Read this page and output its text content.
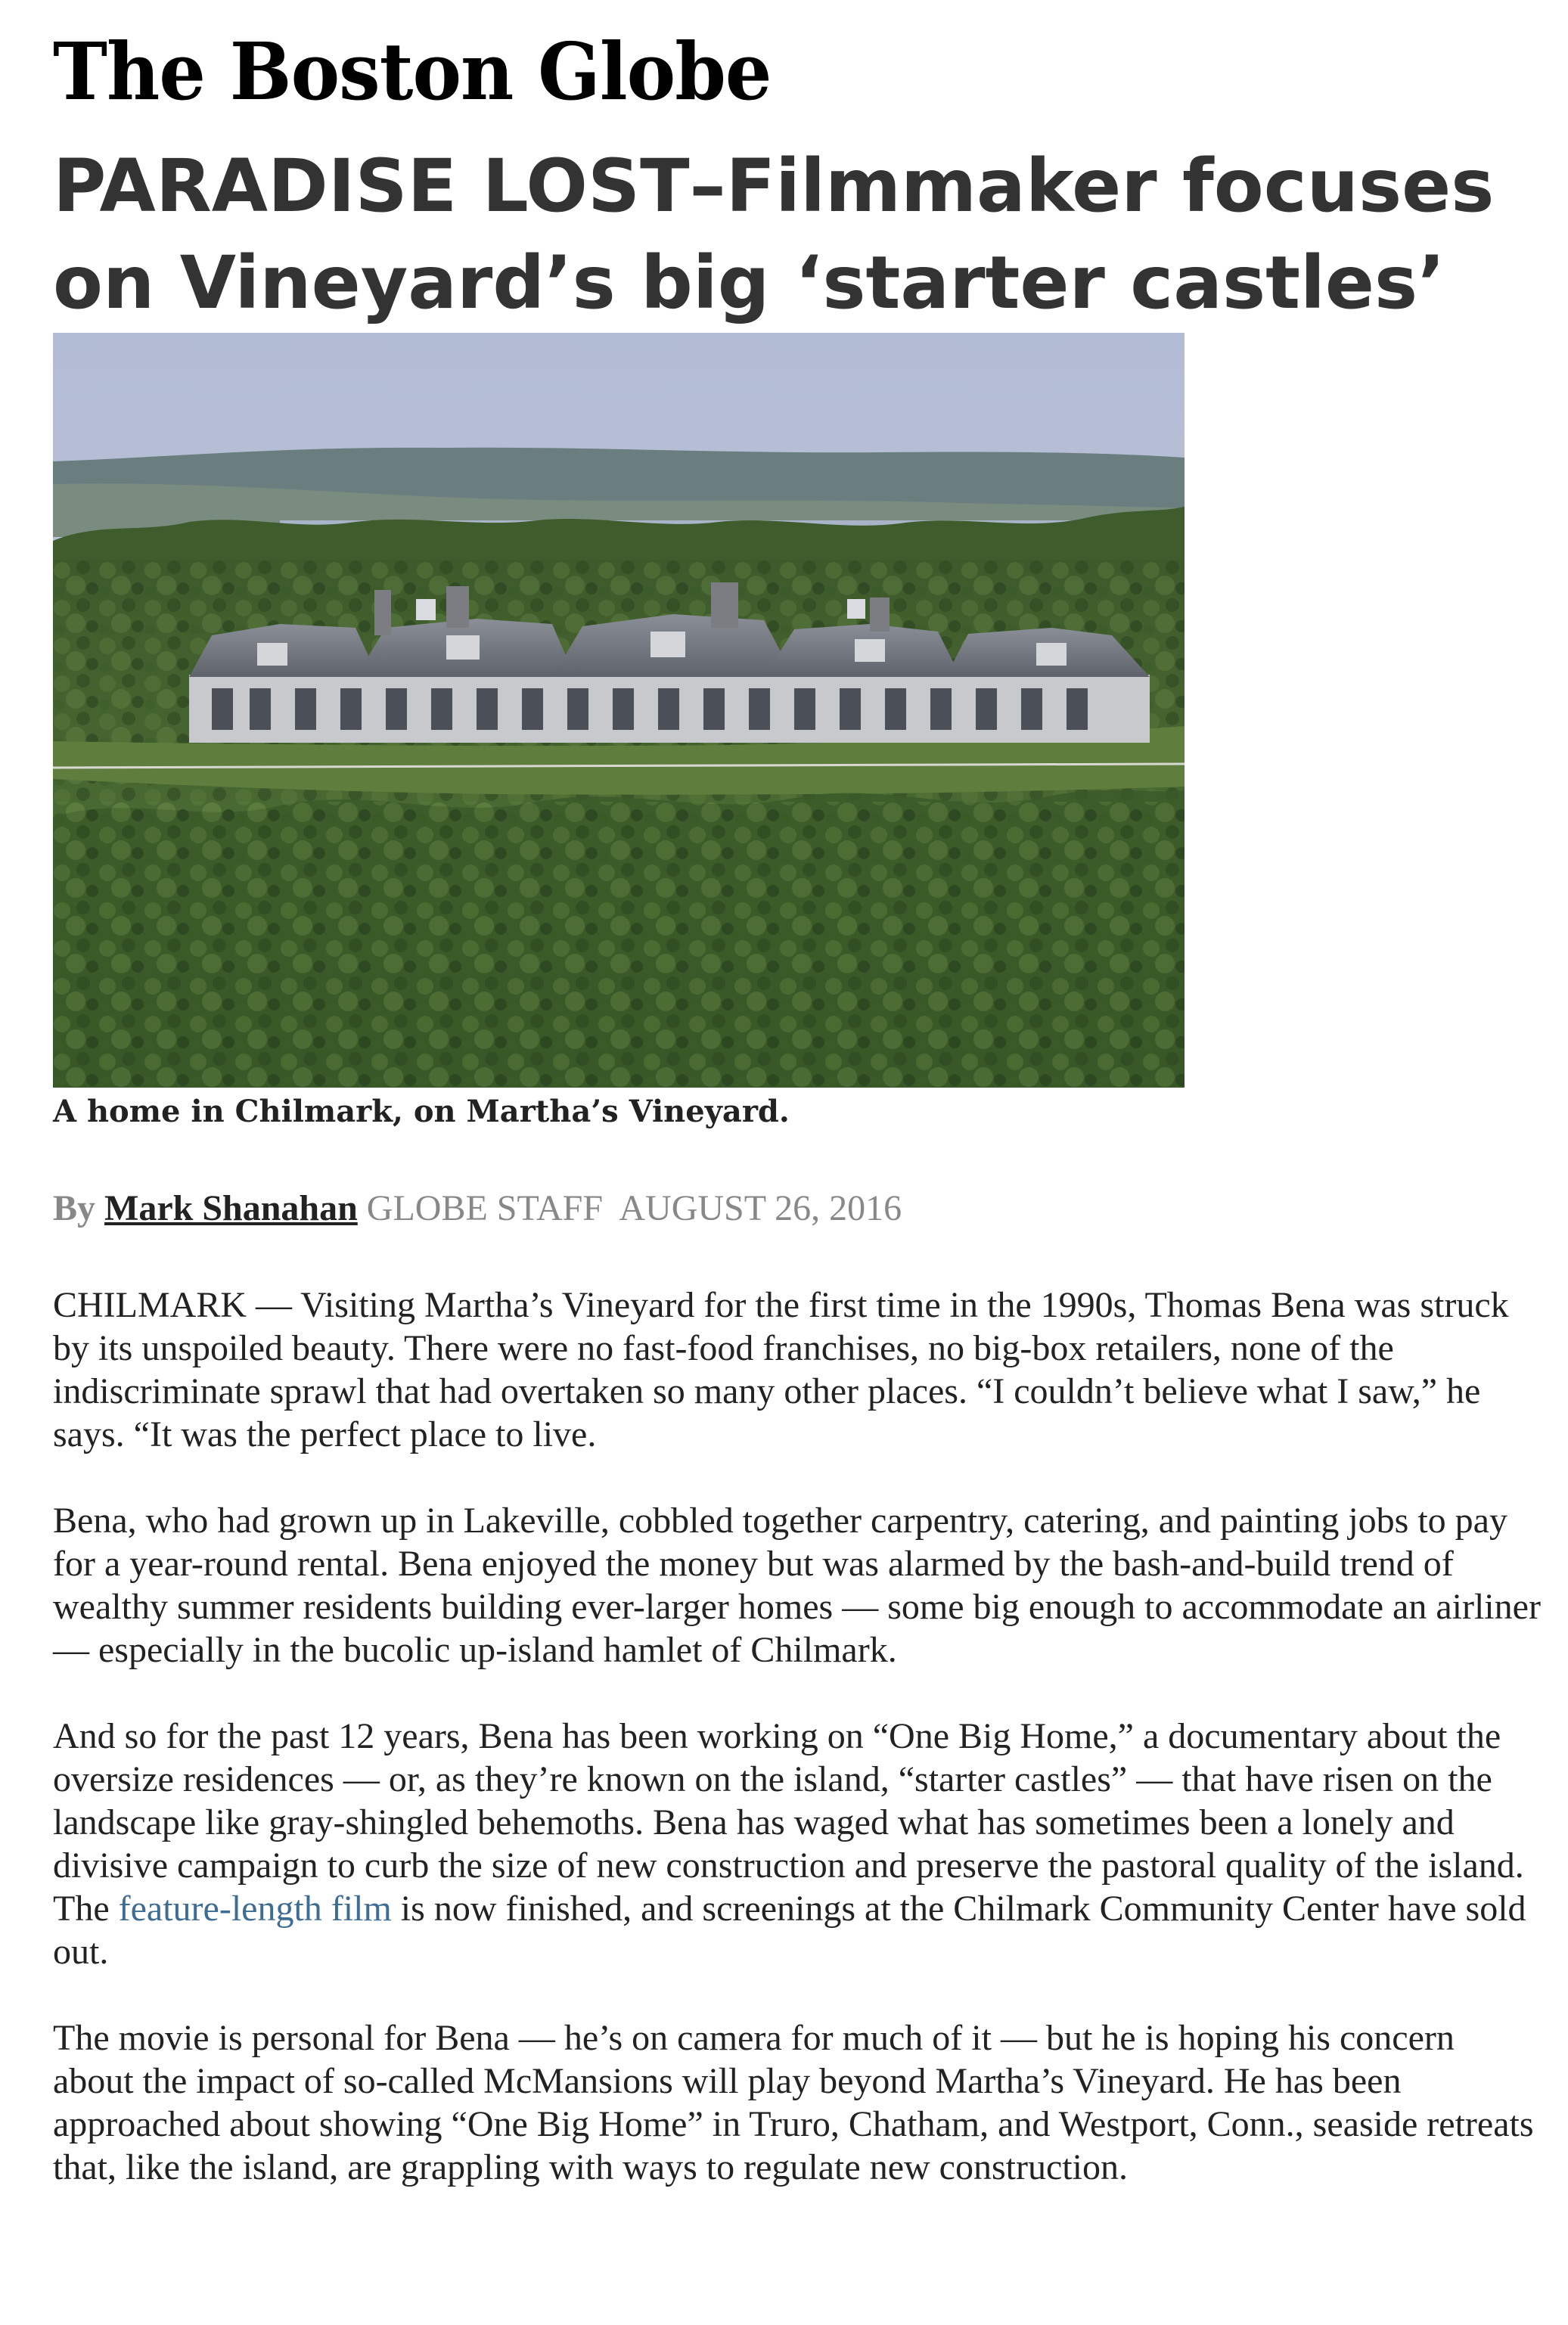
The Boston Globe
PARADISE LOST–Filmmaker focuses on Vineyard’s big ‘starter castles’
A home in Chilmark, on Martha’s Vineyard.
By Mark Shanahan GLOBE STAFF AUGUST 26, 2016

CHILMARK — Visiting Martha’s Vineyard for the first time in the 1990s, Thomas Bena was struck by its unspoiled beauty. There were no fast-food franchises, no big-box retailers, none of the indiscriminate sprawl that had overtaken so many other places. “I couldn’t believe what I saw,” he says. “It was the perfect place to live.

Bena, who had grown up in Lakeville, cobbled together carpentry, catering, and painting jobs to pay for a year-round rental. Bena enjoyed the money but was alarmed by the bash-and-build trend of wealthy summer residents building ever-larger homes — some big enough to accommodate an airliner — especially in the bucolic up-island hamlet of Chilmark.

And so for the past 12 years, Bena has been working on “One Big Home,” a documentary about the oversize residences — or, as they’re known on the island, “starter castles” — that have risen on the landscape like gray-shingled behemoths. Bena has waged what has sometimes been a lonely and divisive campaign to curb the size of new construction and preserve the pastoral quality of the island. The feature-length film is now finished, and screenings at the Chilmark Community Center have sold out.

The movie is personal for Bena — he’s on camera for much of it — but he is hoping his concern about the impact of so-called McMansions will play beyond Martha’s Vineyard. He has been approached about showing “One Big Home” in Truro, Chatham, and Westport, Conn., seaside retreats that, like the island, are grappling with ways to regulate new construction.
